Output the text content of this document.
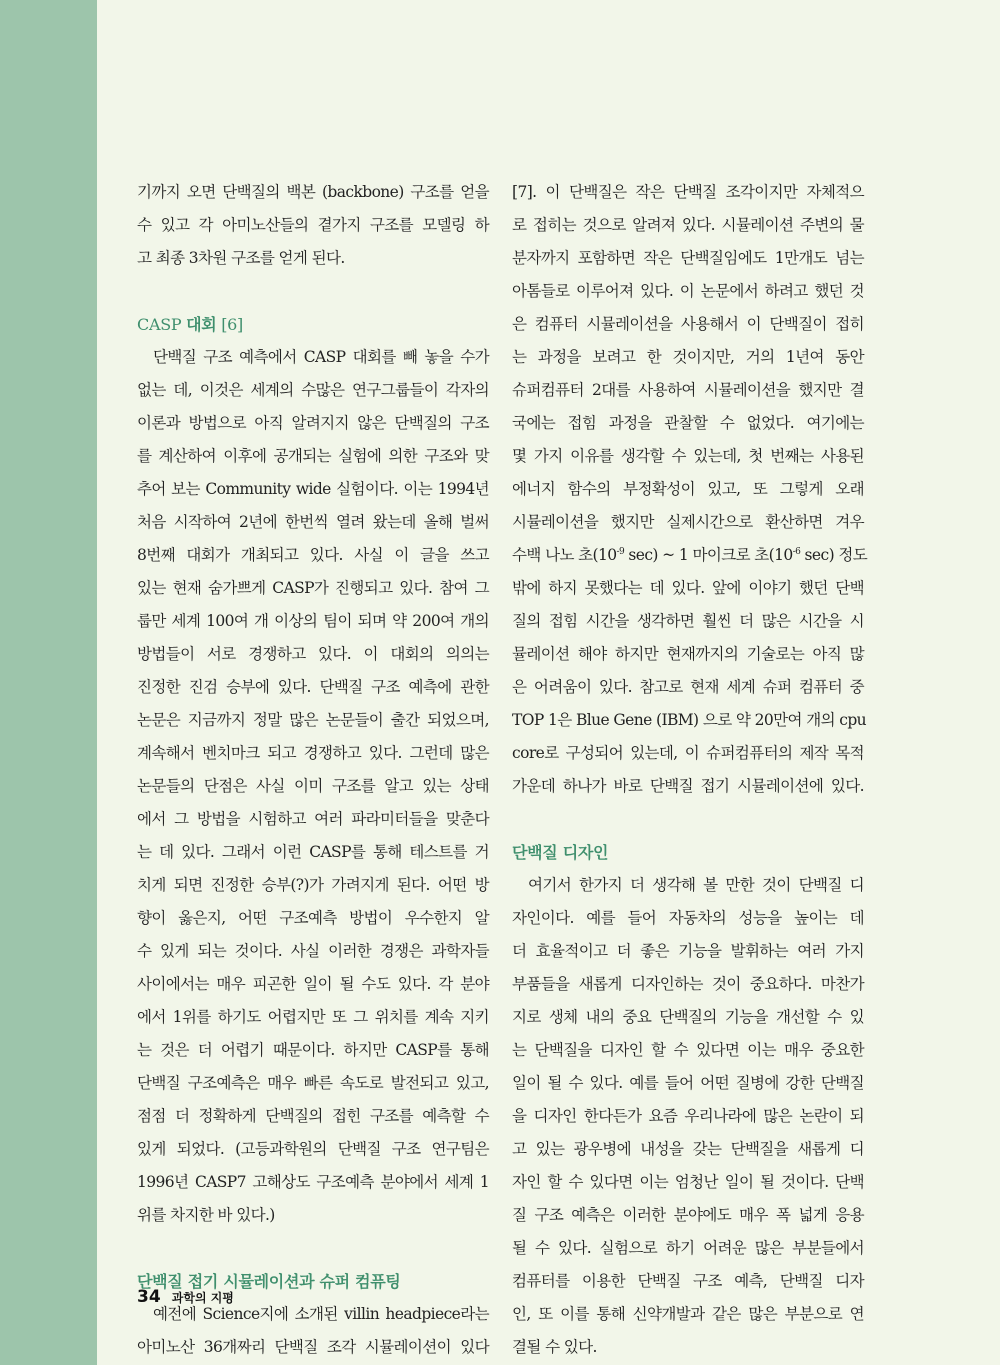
기까지 오면 단백질의 백본 (backbone) 구조를 얻을
수 있고 각 아미노산들의 곁가지 구조를 모델링 하
고 최종 3차원 구조를 얻게 된다.
CASP 대회 [6]
단백질 구조 예측에서 CASP 대회를 빼 놓을 수가
없는 데, 이것은 세계의 수많은 연구그룹들이 각자의
이론과 방법으로 아직 알려지지 않은 단백질의 구조
를 계산하여 이후에 공개되는 실험에 의한 구조와 맞
추어 보는 Community wide 실험이다. 이는 1994년
처음 시작하여 2년에 한번씩 열려 왔는데 올해 벌써
8번째 대회가 개최되고 있다. 사실 이 글을 쓰고
있는 현재 숨가쁘게 CASP가 진행되고 있다. 참여 그
룹만 세계 100여 개 이상의 팀이 되며 약 200여 개의
방법들이 서로 경쟁하고 있다. 이 대회의 의의는
진정한 진검 승부에 있다. 단백질 구조 예측에 관한
논문은 지금까지 정말 많은 논문들이 출간 되었으며,
계속해서 벤치마크 되고 경쟁하고 있다. 그런데 많은
논문들의 단점은 사실 이미 구조를 알고 있는 상태
에서 그 방법을 시험하고 여러 파라미터들을 맞춘다
는 데 있다. 그래서 이런 CASP를 통해 테스트를 거
치게 되면 진정한 승부(?)가 가려지게 된다. 어떤 방
향이 옳은지, 어떤 구조예측 방법이 우수한지 알
수 있게 되는 것이다. 사실 이러한 경쟁은 과학자들
사이에서는 매우 피곤한 일이 될 수도 있다. 각 분야
에서 1위를 하기도 어렵지만 또 그 위치를 계속 지키
는 것은 더 어렵기 때문이다. 하지만 CASP를 통해
단백질 구조예측은 매우 빠른 속도로 발전되고 있고,
점점 더 정확하게 단백질의 접힌 구조를 예측할 수
있게 되었다. (고등과학원의 단백질 구조 연구팀은
1996년 CASP7 고해상도 구조예측 분야에서 세계 1
위를 차지한 바 있다.)
단백질 접기 시뮬레이션과 슈퍼 컴퓨팅
예전에 Science지에 소개된 villin headpiece라는
아미노산 36개짜리 단백질 조각 시뮬레이션이 있다
[7]. 이 단백질은 작은 단백질 조각이지만 자체적으
로 접히는 것으로 알려져 있다. 시뮬레이션 주변의 물
분자까지 포함하면 작은 단백질임에도 1만개도 넘는
아톰들로 이루어져 있다. 이 논문에서 하려고 했던 것
은 컴퓨터 시뮬레이션을 사용해서 이 단백질이 접히
는 과정을 보려고 한 것이지만, 거의 1년여 동안
슈퍼컴퓨터 2대를 사용하여 시뮬레이션을 했지만 결
국에는 접힘 과정을 관찰할 수 없었다. 여기에는
몇 가지 이유를 생각할 수 있는데, 첫 번째는 사용된
에너지 함수의 부정확성이 있고, 또 그렇게 오래
시뮬레이션을 했지만 실제시간으로 환산하면 겨우
수백 나노 초($10^{-9}$ sec) ~ 1 마이크로 초($10^{-6}$ sec) 정도
밖에 하지 못했다는 데 있다. 앞에 이야기 했던 단백
질의 접힘 시간을 생각하면 훨씬 더 많은 시간을 시
뮬레이션 해야 하지만 현재까지의 기술로는 아직 많
은 어려움이 있다. 참고로 현재 세계 슈퍼 컴퓨터 중
TOP 1은 Blue Gene (IBM) 으로 약 20만여 개의 cpu
core로 구성되어 있는데, 이 슈퍼컴퓨터의 제작 목적
가운데 하나가 바로 단백질 접기 시뮬레이션에 있다.
단백질 디자인
여기서 한가지 더 생각해 볼 만한 것이 단백질 디
자인이다. 예를 들어 자동차의 성능을 높이는 데
더 효율적이고 더 좋은 기능을 발휘하는 여러 가지
부품들을 새롭게 디자인하는 것이 중요하다. 마찬가
지로 생체 내의 중요 단백질의 기능을 개선할 수 있
는 단백질을 디자인 할 수 있다면 이는 매우 중요한
일이 될 수 있다. 예를 들어 어떤 질병에 강한 단백질
을 디자인 한다든가 요즘 우리나라에 많은 논란이 되
고 있는 광우병에 내성을 갖는 단백질을 새롭게 디
자인 할 수 있다면 이는 엄청난 일이 될 것이다. 단백
질 구조 예측은 이러한 분야에도 매우 폭 넓게 응용
될 수 있다. 실험으로 하기 어려운 많은 부분들에서
컴퓨터를 이용한 단백질 구조 예측, 단백질 디자
인, 또 이를 통해 신약개발과 같은 많은 부분으로 연
결될 수 있다.
34 과학의 지평
